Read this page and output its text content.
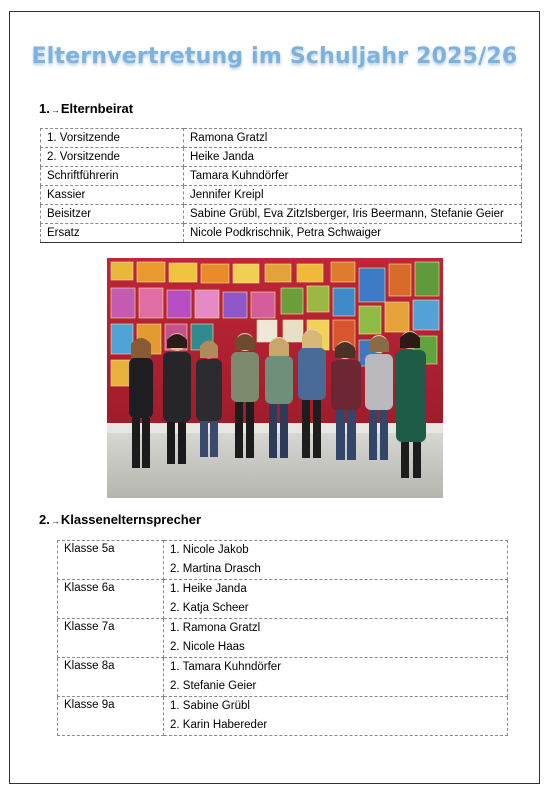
Elternvertretung im Schuljahr 2025/26
1.→Elternbeirat
1. Vorsitzende	Ramona Gratzl
2. Vorsitzende	Heike Janda
Schriftführerin	Tamara Kuhndörfer
Kassier	Jennifer Kreipl
Beisitzer	Sabine Grübl, Eva Zitzlsberger, Iris Beermann, Stefanie Geier
Ersatz	Nicole Podkrischnik, Petra Schwaiger
2.→Klassenelternsprecher
Klasse 5a	1. Nicole Jakob
2. Martina Drasch

Klasse 6a	1. Heike Janda
2. Katja Scheer

Klasse 7a	1. Ramona Gratzl
2. Nicole Haas

Klasse 8a	1. Tamara Kuhndörfer
2. Stefanie Geier

Klasse 9a	1. Sabine Grübl
2. Karin Habereder
